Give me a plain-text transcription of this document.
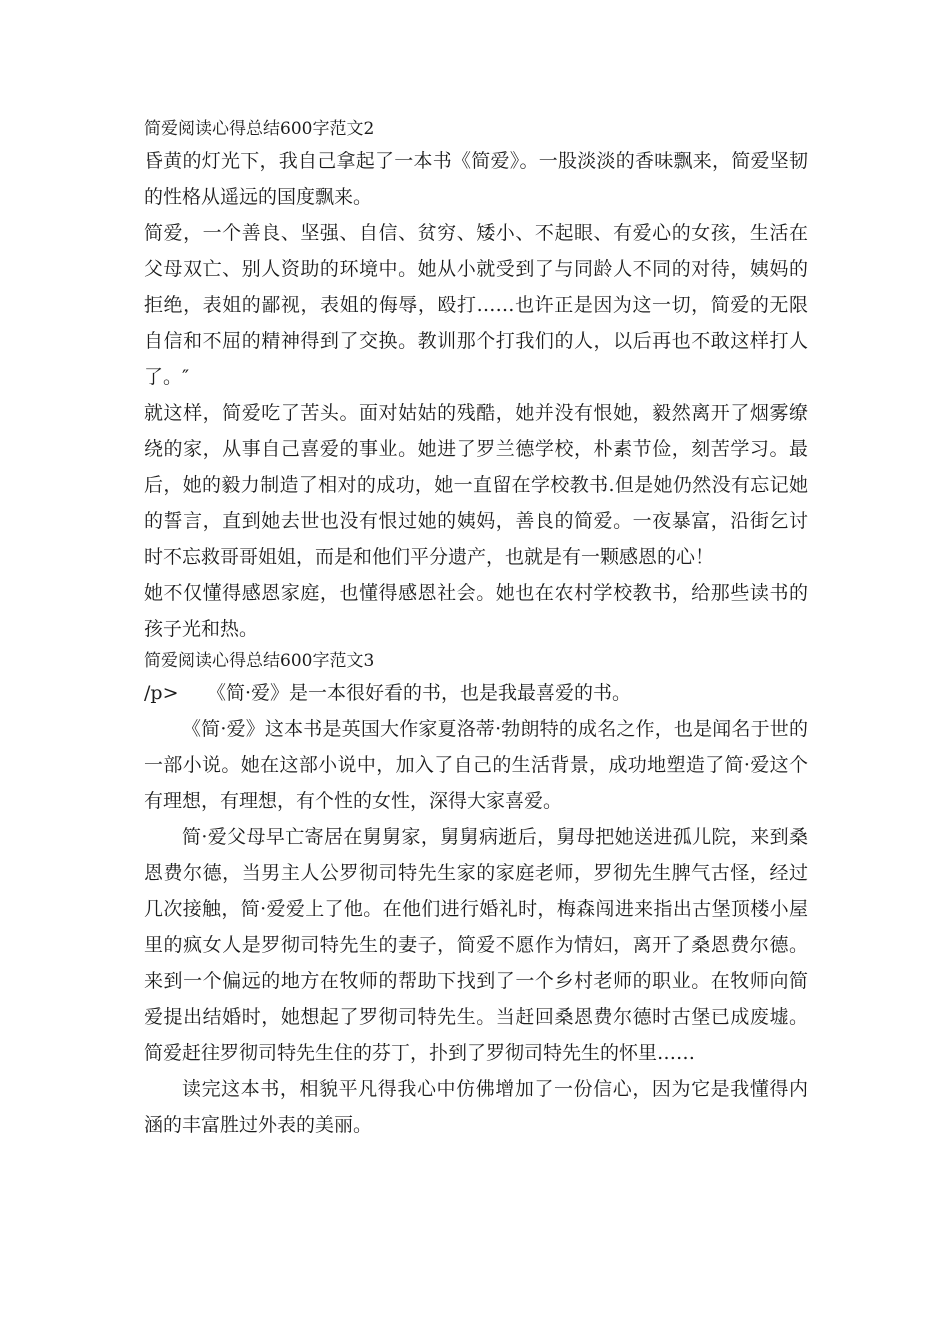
简爱阅读心得总结600字范文2

昏黄的灯光下，我自己拿起了一本书《简爱》。一股淡淡的香味飘来，简爱坚韧的性格从遥远的国度飘来。

简爱，一个善良、坚强、自信、贫穷、矮小、不起眼、有爱心的女孩，生活在父母双亡、别人资助的环境中。她从小就受到了与同龄人不同的对待，姨妈的拒绝，表姐的鄙视，表姐的侮辱，殴打……也许正是因为这一切，简爱的无限自信和不屈的精神得到了交换。教训那个打我们的人，以后再也不敢这样打人了。″

就这样，简爱吃了苦头。面对姑姑的残酷，她并没有恨她，毅然离开了烟雾缭绕的家，从事自己喜爱的事业。她进了罗兰德学校，朴素节俭，刻苦学习。最后，她的毅力制造了相对的成功，她一直留在学校教书.但是她仍然没有忘记她的誓言，直到她去世也没有恨过她的姨妈，善良的简爱。一夜暴富，沿街乞讨时不忘救哥哥姐姐，而是和他们平分遗产，也就是有一颗感恩的心！

她不仅懂得感恩家庭，也懂得感恩社会。她也在农村学校教书，给那些读书的孩子光和热。

简爱阅读心得总结600字范文3

/p>　　《简·爱》是一本很好看的书，也是我最喜爱的书。

《简·爱》这本书是英国大作家夏洛蒂·勃朗特的成名之作，也是闻名于世的一部小说。她在这部小说中，加入了自己的生活背景，成功地塑造了简·爱这个有理想，有理想，有个性的女性，深得大家喜爱。

简·爱父母早亡寄居在舅舅家，舅舅病逝后，舅母把她送进孤儿院，来到桑恩费尔德，当男主人公罗彻司特先生家的家庭老师，罗彻先生脾气古怪，经过几次接触，简·爱爱上了他。在他们进行婚礼时，梅森闯进来指出古堡顶楼小屋里的疯女人是罗彻司特先生的妻子，简爱不愿作为情妇，离开了桑恩费尔德。来到一个偏远的地方在牧师的帮助下找到了一个乡村老师的职业。在牧师向简爱提出结婚时，她想起了罗彻司特先生。当赶回桑恩费尔德时古堡已成废墟。简爱赶往罗彻司特先生住的芬丁，扑到了罗彻司特先生的怀里……

读完这本书，相貌平凡得我心中仿佛增加了一份信心，因为它是我懂得内涵的丰富胜过外表的美丽。
